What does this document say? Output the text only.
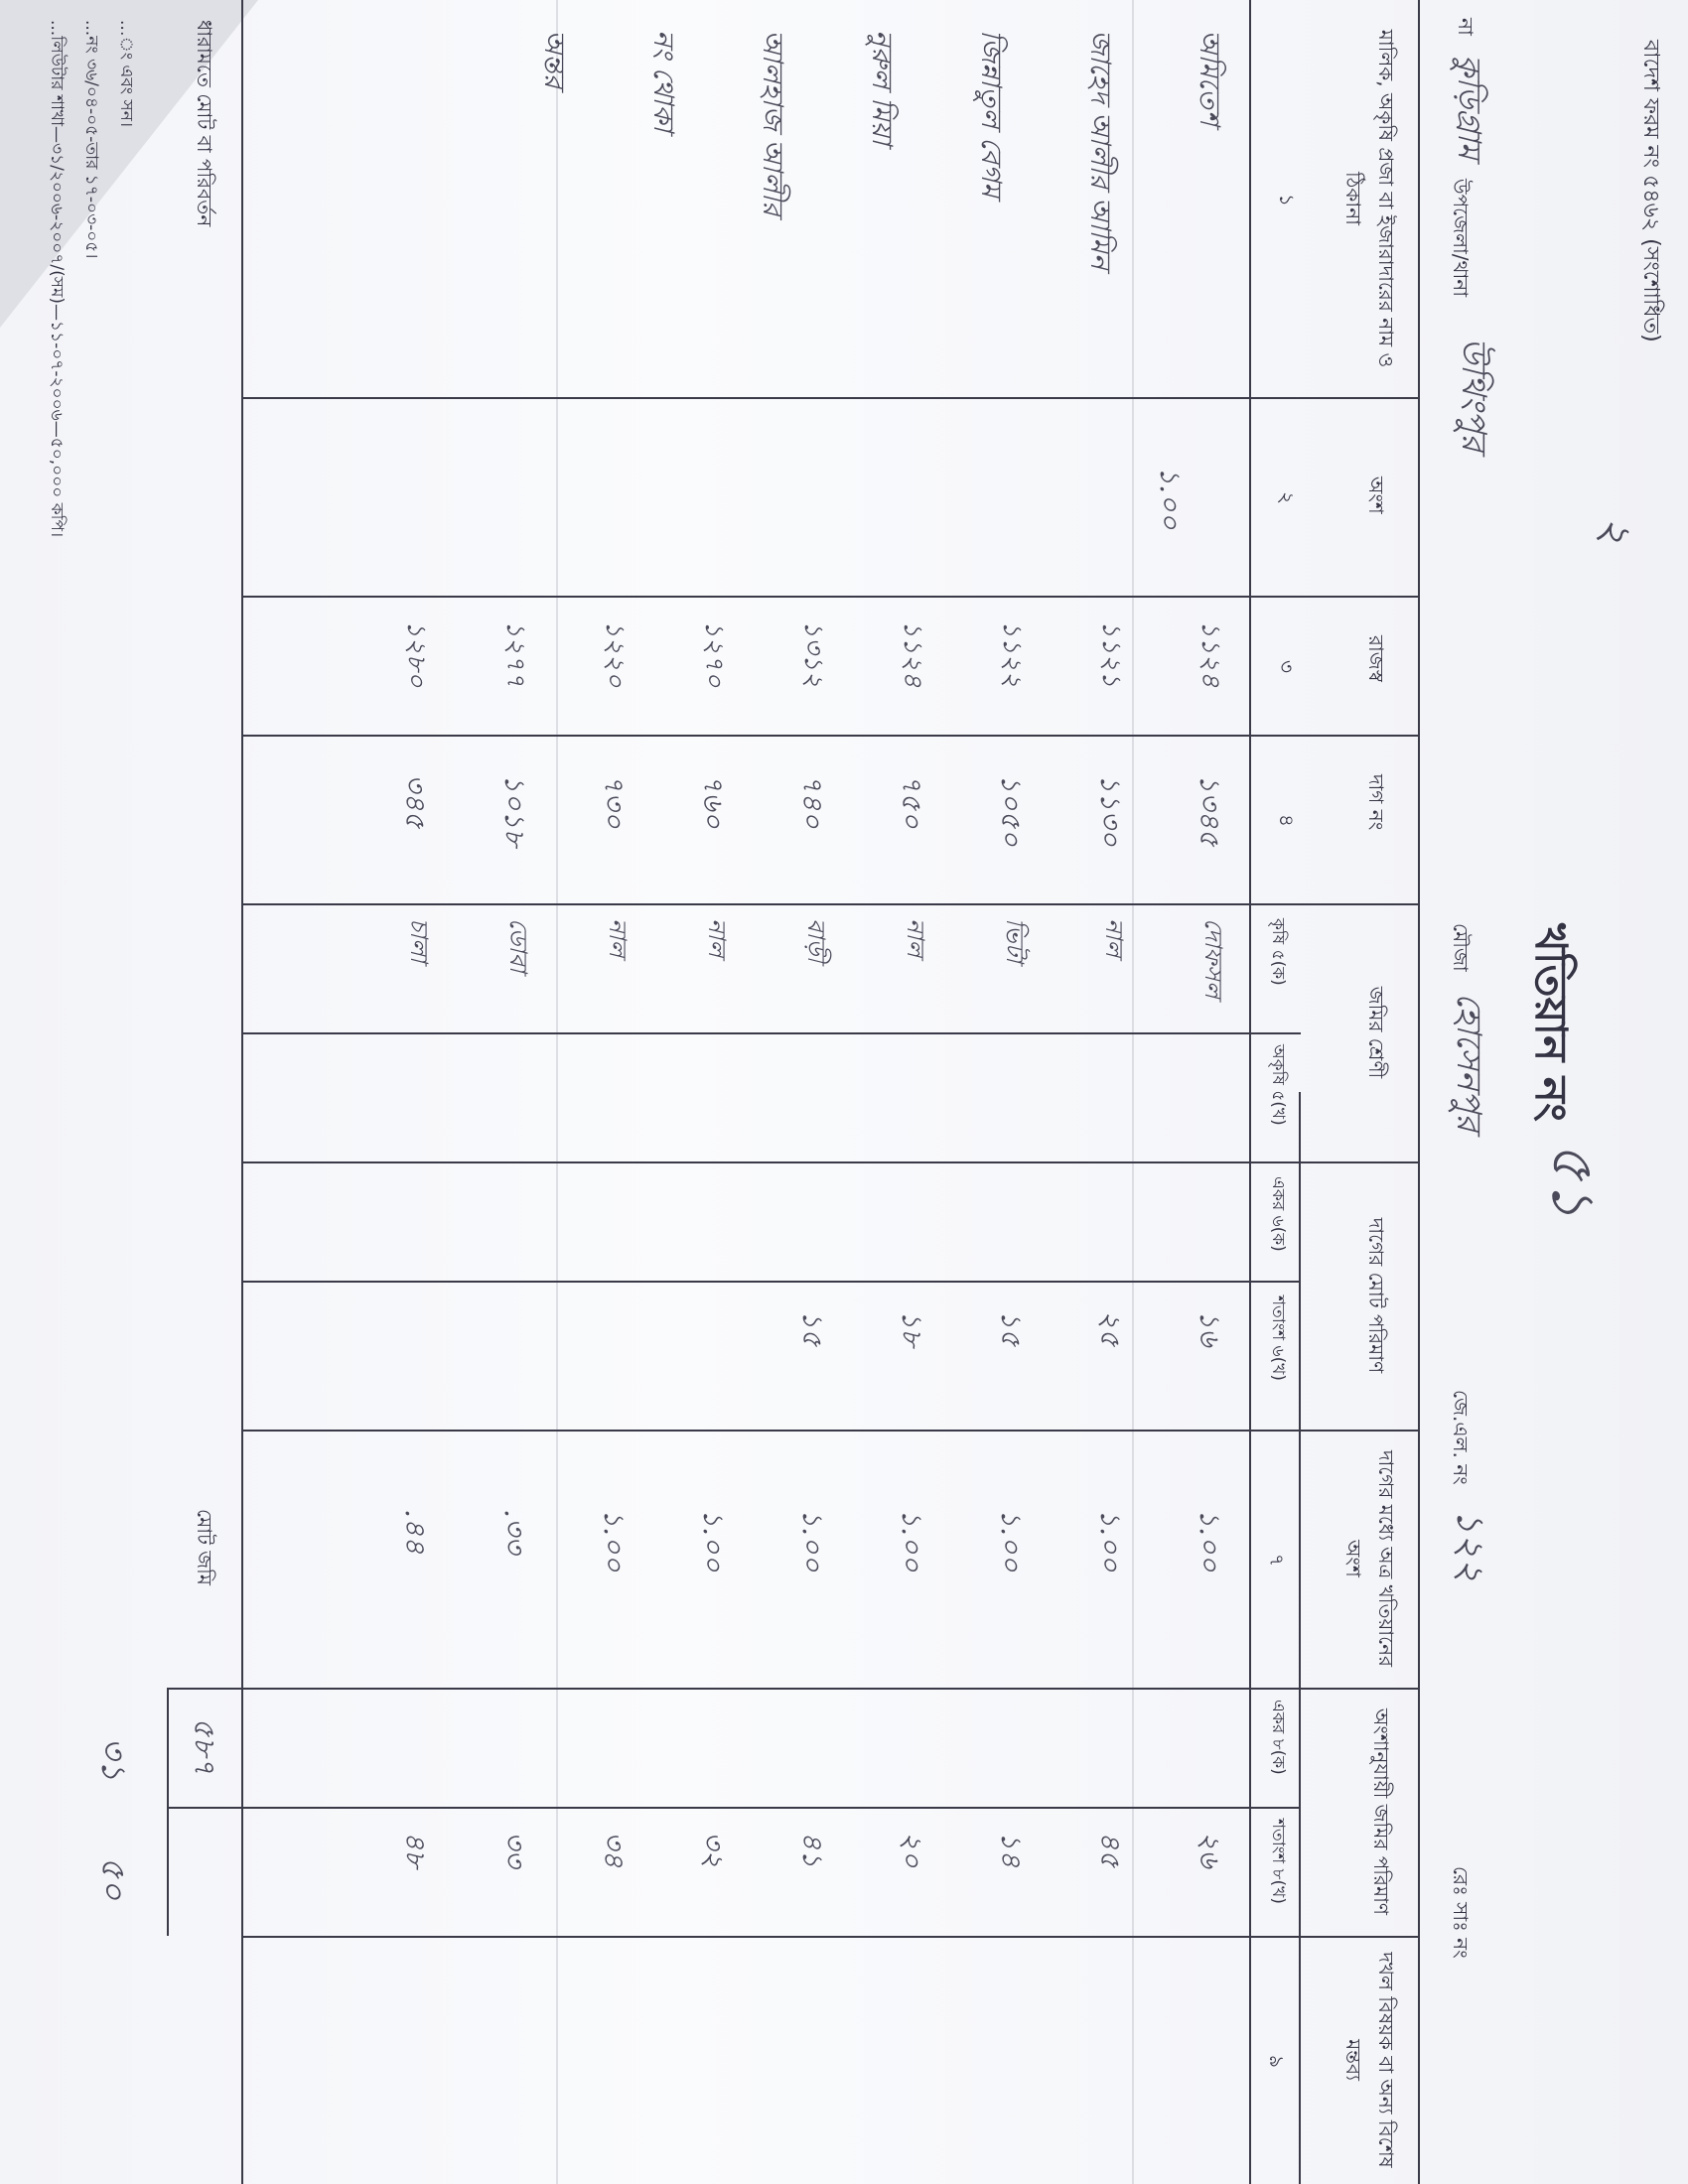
বাদেশ ফরম নং ৫৪৬২ (সংশোধিত)
২
খতিয়ান নং
৫১
না
কুড়িগ্রাম
উপজেলা/থানা
উথিংপুর
মৌজা
হোসেনপুর
জে.এল. নং
১২২
রেঃ সাঃ নং
মালিক, অকৃষি প্রজা বা ইজারাদারের নাম ও ঠিকানা
১
অংশ
২
রাজস্ব
৩
দাগ নং
৪
জমির শ্রেণী
কৃষি ৫(ক)
অকৃষি ৫(খ)
দাগের মোট পরিমাণ
একর ৬(ক)
শতাংশ ৬(খ)
দাগের মধ্যে অত্র খতিয়ানের অংশ
৭
অংশানুযায়ী জমির পরিমাণ
একর ৮(ক)
শতাংশ ৮(খ)
দখল বিষয়ক বা অন্য বিশেষ মন্তব্য
৯
অমিতেশ
জাহেদ আলীর আমিন
জিন্নাতুল বেগম
নুরুল মিয়া
আলহাজ আলীর
নং থোকা
অন্তর
১.০০
১১২৪
১১২১
১১২২
১১২৪
১৩১২
১২৭০
১২২০
১২৭৭
১২৮০
১৩৪৫
১১৩০
১০৫০
৭৫০
৭৪০
৭৬০
৭৩০
১০১৮
৩৪৫
দোফসল
নাল
ভিটা
নাল
বাড়ী
নাল
নাল
ডোবা
চালা
১৬
২৫
১৫
১৮
১৫
১.০০
১.০০
১.০০
১.০০
১.০০
১.০০
১.০০
.৩৩
.৪৪
২৬
৪৫
১৪
২০
৪১
৩২
৩৪
৩৩
৪৮
ধারামতে মোট বা পরিবর্তন
মোট জমি
...ং এবং সন।
...নং ৩৬/০৪-০৫-তার ১৭-০৩-০৫।
...লিউটার শাখা—৩১/২০০৬-২০০৭/(সম)—১১-০৭-২০০৬—৫০,০০০ কপি।
৫৮৭
৩১
৫০
